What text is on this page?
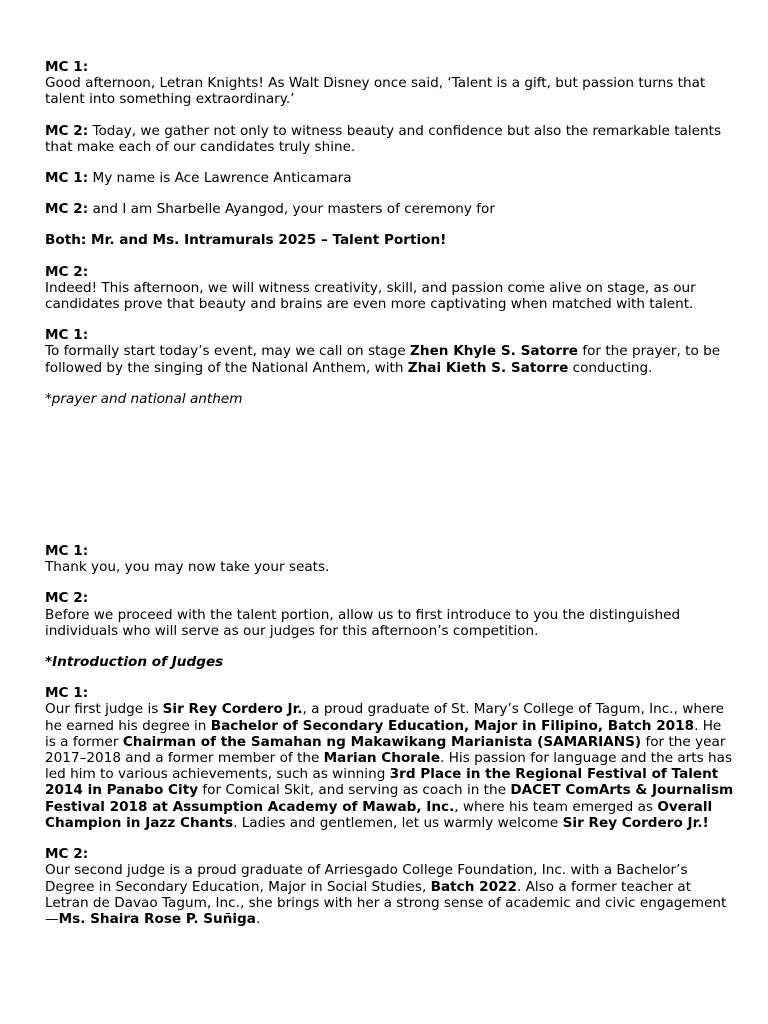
MC 1:

Good afternoon, Letran Knights! As Walt Disney once said, ‘Talent is a gift, but passion turns that talent into something extraordinary.’

MC 2: Today, we gather not only to witness beauty and confidence but also the remarkable talents that make each of our candidates truly shine.

MC 1: My name is Ace Lawrence Anticamara

MC 2: and I am Sharbelle Ayangod, your masters of ceremony for

Both: Mr. and Ms. Intramurals 2025 – Talent Portion!

MC 2:

Indeed! This afternoon, we will witness creativity, skill, and passion come alive on stage, as our candidates prove that beauty and brains are even more captivating when matched with talent.

MC 1:

To formally start today’s event, may we call on stage Zhen Khyle S. Satorre for the prayer, to be followed by the singing of the National Anthem, with Zhai Kieth S. Satorre conducting.

*prayer and national anthem

MC 1:

Thank you, you may now take your seats.

MC 2:

Before we proceed with the talent portion, allow us to first introduce to you the distinguished individuals who will serve as our judges for this afternoon’s competition.

*Introduction of Judges

MC 1:

Our first judge is Sir Rey Cordero Jr., a proud graduate of St. Mary’s College of Tagum, Inc., where he earned his degree in Bachelor of Secondary Education, Major in Filipino, Batch 2018. He is a former Chairman of the Samahan ng Makawikang Marianista (SAMARIANS) for the year 2017–2018 and a former member of the Marian Chorale. His passion for language and the arts has led him to various achievements, such as winning 3rd Place in the Regional Festival of Talent 2014 in Panabo City for Comical Skit, and serving as coach in the DACET ComArts & Journalism Festival 2018 at Assumption Academy of Mawab, Inc., where his team emerged as Overall Champion in Jazz Chants. Ladies and gentlemen, let us warmly welcome Sir Rey Cordero Jr.!

MC 2:

Our second judge is a proud graduate of Arriesgado College Foundation, Inc. with a Bachelor’s Degree in Secondary Education, Major in Social Studies, Batch 2022. Also a former teacher at Letran de Davao Tagum, Inc., she brings with her a strong sense of academic and civic engagement—Ms. Shaira Rose P. Suñiga.
